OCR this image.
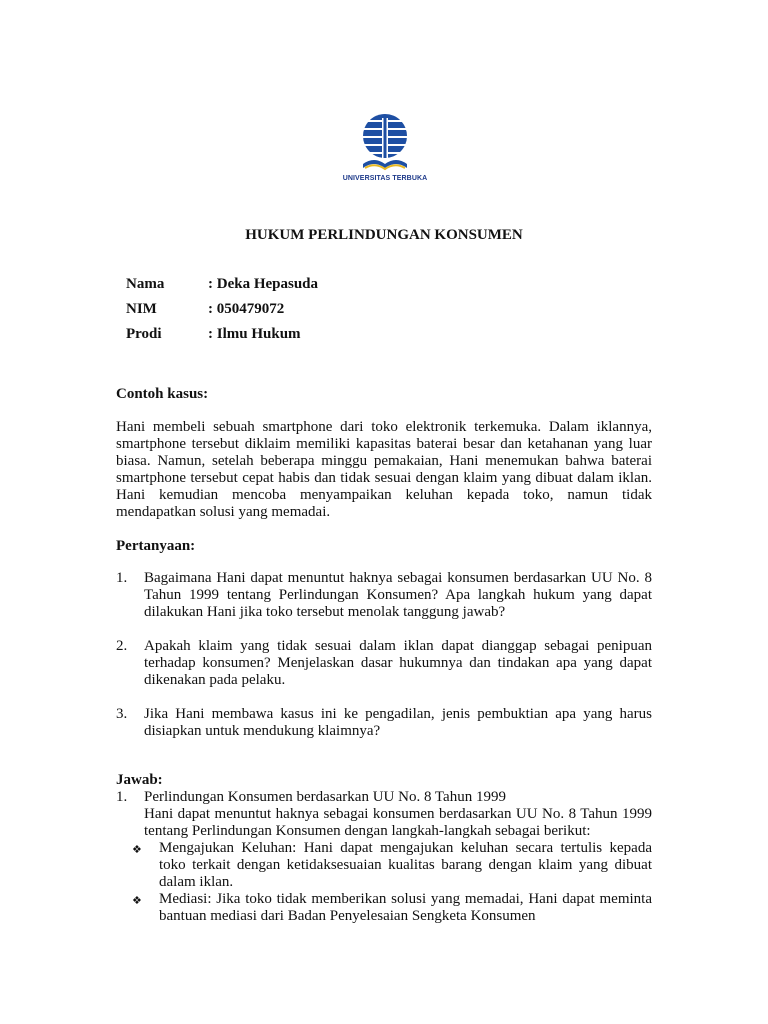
UNIVERSITAS TERBUKA
HUKUM PERLINDUNGAN KONSUMEN
Nama	: Deka Hepasuda
NIM	: 050479072
Prodi	: Ilmu Hukum
Contoh kasus:
Hani membeli sebuah smartphone dari toko elektronik terkemuka. Dalam iklannya, smartphone tersebut diklaim memiliki kapasitas baterai besar dan ketahanan yang luar biasa. Namun, setelah beberapa minggu pemakaian, Hani menemukan bahwa baterai smartphone tersebut cepat habis dan tidak sesuai dengan klaim yang dibuat dalam iklan. Hani kemudian mencoba menyampaikan keluhan kepada toko, namun tidak mendapatkan solusi yang memadai.
Pertanyaan:
1.	Bagaimana Hani dapat menuntut haknya sebagai konsumen berdasarkan UU No. 8 Tahun 1999 tentang Perlindungan Konsumen? Apa langkah hukum yang dapat dilakukan Hani jika toko tersebut menolak tanggung jawab?
2.	Apakah klaim yang tidak sesuai dalam iklan dapat dianggap sebagai penipuan terhadap konsumen? Menjelaskan dasar hukumnya dan tindakan apa yang dapat dikenakan pada pelaku.
3.	Jika Hani membawa kasus ini ke pengadilan, jenis pembuktian apa yang harus disiapkan untuk mendukung klaimnya?
Jawab:
1.	Perlindungan Konsumen berdasarkan UU No. 8 Tahun 1999
Hani dapat menuntut haknya sebagai konsumen berdasarkan UU No. 8 Tahun 1999 tentang Perlindungan Konsumen dengan langkah-langkah sebagai berikut:
❖	Mengajukan Keluhan: Hani dapat mengajukan keluhan secara tertulis kepada toko terkait dengan ketidaksesuaian kualitas barang dengan klaim yang dibuat dalam iklan.
❖	Mediasi: Jika toko tidak memberikan solusi yang memadai, Hani dapat meminta bantuan mediasi dari Badan Penyelesaian Sengketa Konsumen
